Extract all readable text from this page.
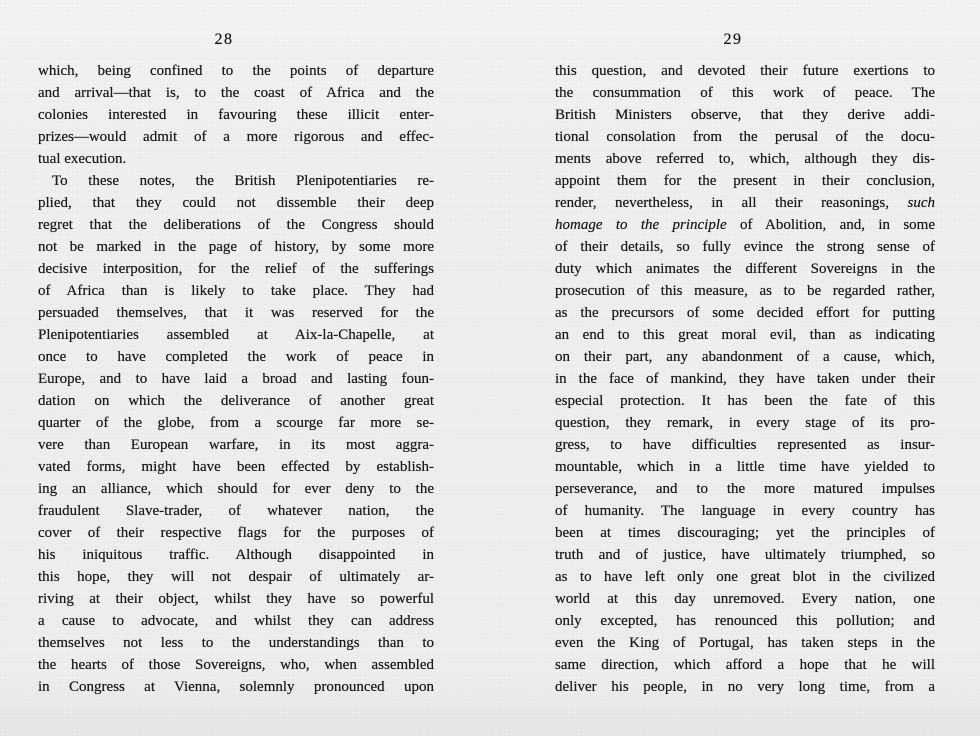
28
which, being confined to the points of departure
and arrival—that is, to the coast of Africa and the
colonies interested in favouring these illicit enter-
prizes—would admit of a more rigorous and effec-
tual execution.
To these notes, the British Plenipotentiaries re-
plied, that they could not dissemble their deep
regret that the deliberations of the Congress should
not be marked in the page of history, by some more
decisive interposition, for the relief of the sufferings
of Africa than is likely to take place. They had
persuaded themselves, that it was reserved for the
Plenipotentiaries assembled at Aix-la-Chapelle, at
once to have completed the work of peace in
Europe, and to have laid a broad and lasting foun-
dation on which the deliverance of another great
quarter of the globe, from a scourge far more se-
vere than European warfare, in its most aggra-
vated forms, might have been effected by establish-
ing an alliance, which should for ever deny to the
fraudulent Slave-trader, of whatever nation, the
cover of their respective flags for the purposes of
his iniquitous traffic. Although disappointed in
this hope, they will not despair of ultimately ar-
riving at their object, whilst they have so powerful
a cause to advocate, and whilst they can address
themselves not less to the understandings than to
the hearts of those Sovereigns, who, when assembled
in Congress at Vienna, solemnly pronounced upon
29
this question, and devoted their future exertions to
the consummation of this work of peace. The
British Ministers observe, that they derive addi-
tional consolation from the perusal of the docu-
ments above referred to, which, although they dis-
appoint them for the present in their conclusion,
render, nevertheless, in all their reasonings, such
homage to the principle of Abolition, and, in some
of their details, so fully evince the strong sense of
duty which animates the different Sovereigns in the
prosecution of this measure, as to be regarded rather,
as the precursors of some decided effort for putting
an end to this great moral evil, than as indicating
on their part, any abandonment of a cause, which,
in the face of mankind, they have taken under their
especial protection. It has been the fate of this
question, they remark, in every stage of its pro-
gress, to have difficulties represented as insur-
mountable, which in a little time have yielded to
perseverance, and to the more matured impulses
of humanity. The language in every country has
been at times discouraging; yet the principles of
truth and of justice, have ultimately triumphed, so
as to have left only one great blot in the civilized
world at this day unremoved. Every nation, one
only excepted, has renounced this pollution; and
even the King of Portugal, has taken steps in the
same direction, which afford a hope that he will
deliver his people, in no very long time, from a
